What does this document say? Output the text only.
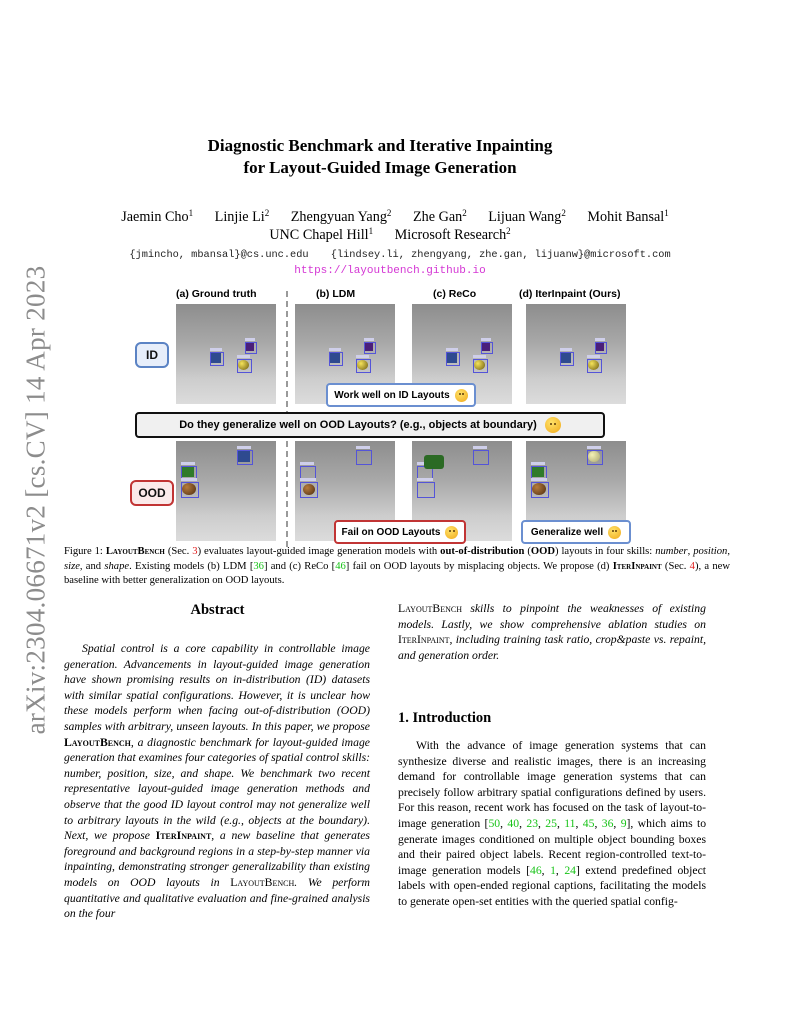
arXiv:2304.06671v2 [cs.CV] 14 Apr 2023
Diagnostic Benchmark and Iterative Inpainting
for Layout-Guided Image Generation
Jaemin Cho$^1$ Linjie Li$^2$ Zhengyuan Yang$^2$ Zhe Gan$^2$ Lijuan Wang$^2$ Mohit Bansal$^1$
UNC Chapel Hill$^1$ Microsoft Research$^2$
{jmincho, mbansal}@cs.unc.edu {lindsey.li, zhengyang, zhe.gan, lijuanw}@microsoft.com
https://layoutbench.github.io
(a) Ground truth	(b) LDM	(c) ReCo	(d) IterInpaint (Ours)
ID
OOD
Do they generalize well on OOD Layouts? (e.g., objects at boundary)
Work well on ID Layouts
Fail on OOD Layouts	Generalize well
Figure 1: LayoutBench (Sec. 3) evaluates layout-guided image generation models with out-of-distribution (OOD) layouts in four skills: number, position, size, and shape. Existing models (b) LDM [36] and (c) ReCo [46] fail on OOD layouts by misplacing objects. We propose (d) IterInpaint (Sec. 4), a new baseline with better generalization on OOD layouts.
Abstract

Spatial control is a core capability in controllable image generation. Advancements in layout-guided image generation have shown promising results on in-distribution (ID) datasets with similar spatial configurations. However, it is unclear how these models perform when facing out-of-distribution (OOD) samples with arbitrary, unseen layouts. In this paper, we propose LayoutBench, a diagnostic benchmark for layout-guided image generation that examines four categories of spatial control skills: number, position, size, and shape. We benchmark two recent representative layout-guided image generation methods and observe that the good ID layout control may not generalize well to arbitrary layouts in the wild (e.g., objects at the boundary). Next, we propose IterInpaint, a new baseline that generates foreground and background regions in a step-by-step manner via inpainting, demonstrating stronger generalizability than existing models on OOD layouts in LayoutBench. We perform quantitative and qualitative evaluation and fine-grained analysis on the four

LayoutBench skills to pinpoint the weaknesses of existing models. Lastly, we show comprehensive ablation studies on IterInpaint, including training task ratio, crop&paste vs. repaint, and generation order.

1. Introduction

With the advance of image generation systems that can synthesize diverse and realistic images, there is an increasing demand for controllable image generation systems that can precisely follow arbitrary spatial configurations defined by users. For this reason, recent work has focused on the task of layout-to-image generation [50, 40, 23, 25, 11, 45, 36, 9], which aims to generate images conditioned on multiple object bounding boxes and their paired object labels. Recent region-controlled text-to-image generation models [46, 1, 24] extend predefined object labels with open-ended regional captions, facilitating the models to generate open-set entities with the queried spatial config-
